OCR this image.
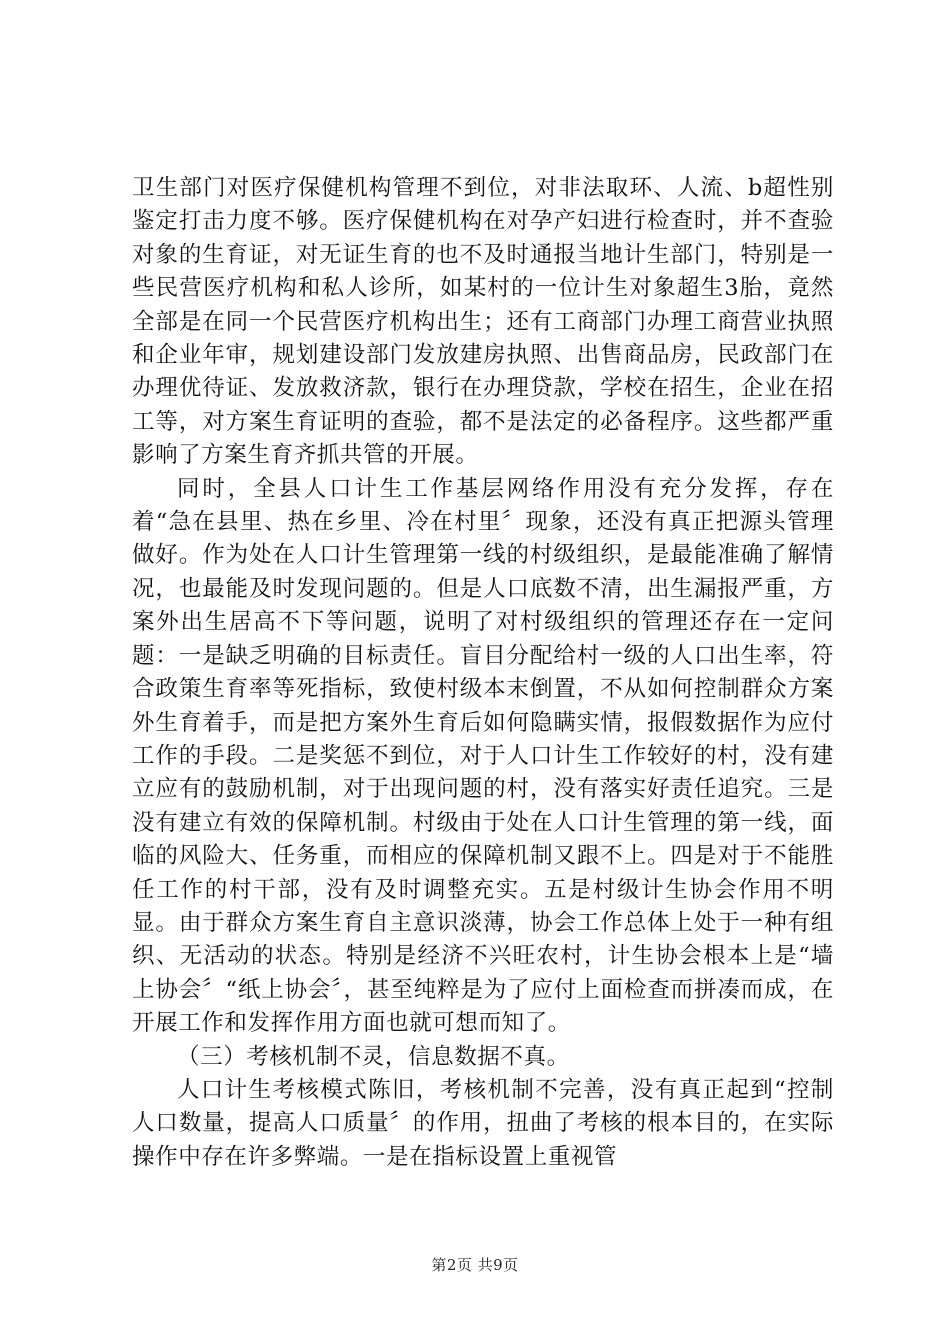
卫生部门对医疗保健机构管理不到位，对非法取环、人流、b超性别鉴定打击力度不够。医疗保健机构在对孕产妇进行检查时，并不查验对象的生育证，对无证生育的也不及时通报当地计生部门，特别是一些民营医疗机构和私人诊所，如某村的一位计生对象超生3胎，竟然全部是在同一个民营医疗机构出生；还有工商部门办理工商营业执照和企业年审，规划建设部门发放建房执照、出售商品房，民政部门在办理优待证、发放救济款，银行在办理贷款，学校在招生，企业在招工等，对方案生育证明的查验，都不是法定的必备程序。这些都严重影响了方案生育齐抓共管的开展。

同时，全县人口计生工作基层网络作用没有充分发挥，存在着“急在县里、热在乡里、冷在村里〞现象，还没有真正把源头管理做好。作为处在人口计生管理第一线的村级组织，是最能准确了解情况，也最能及时发现问题的。但是人口底数不清，出生漏报严重，方案外出生居高不下等问题，说明了对村级组织的管理还存在一定问题：一是缺乏明确的目标责任。盲目分配给村一级的人口出生率，符合政策生育率等死指标，致使村级本末倒置，不从如何控制群众方案外生育着手，而是把方案外生育后如何隐瞒实情，报假数据作为应付工作的手段。二是奖惩不到位，对于人口计生工作较好的村，没有建立应有的鼓励机制，对于出现问题的村，没有落实好责任追究。三是没有建立有效的保障机制。村级由于处在人口计生管理的第一线，面临的风险大、任务重，而相应的保障机制又跟不上。四是对于不能胜任工作的村干部，没有及时调整充实。五是村级计生协会作用不明显。由于群众方案生育自主意识淡薄，协会工作总体上处于一种有组织、无活动的状态。特别是经济不兴旺农村，计生协会根本上是“墙上协会〞“纸上协会〞，甚至纯粹是为了应付上面检查而拼凑而成，在开展工作和发挥作用方面也就可想而知了。

（三）考核机制不灵，信息数据不真。

人口计生考核模式陈旧，考核机制不完善，没有真正起到“控制人口数量，提高人口质量〞的作用，扭曲了考核的根本目的，在实际操作中存在许多弊端。一是在指标设置上重视管

第2页 共9页
